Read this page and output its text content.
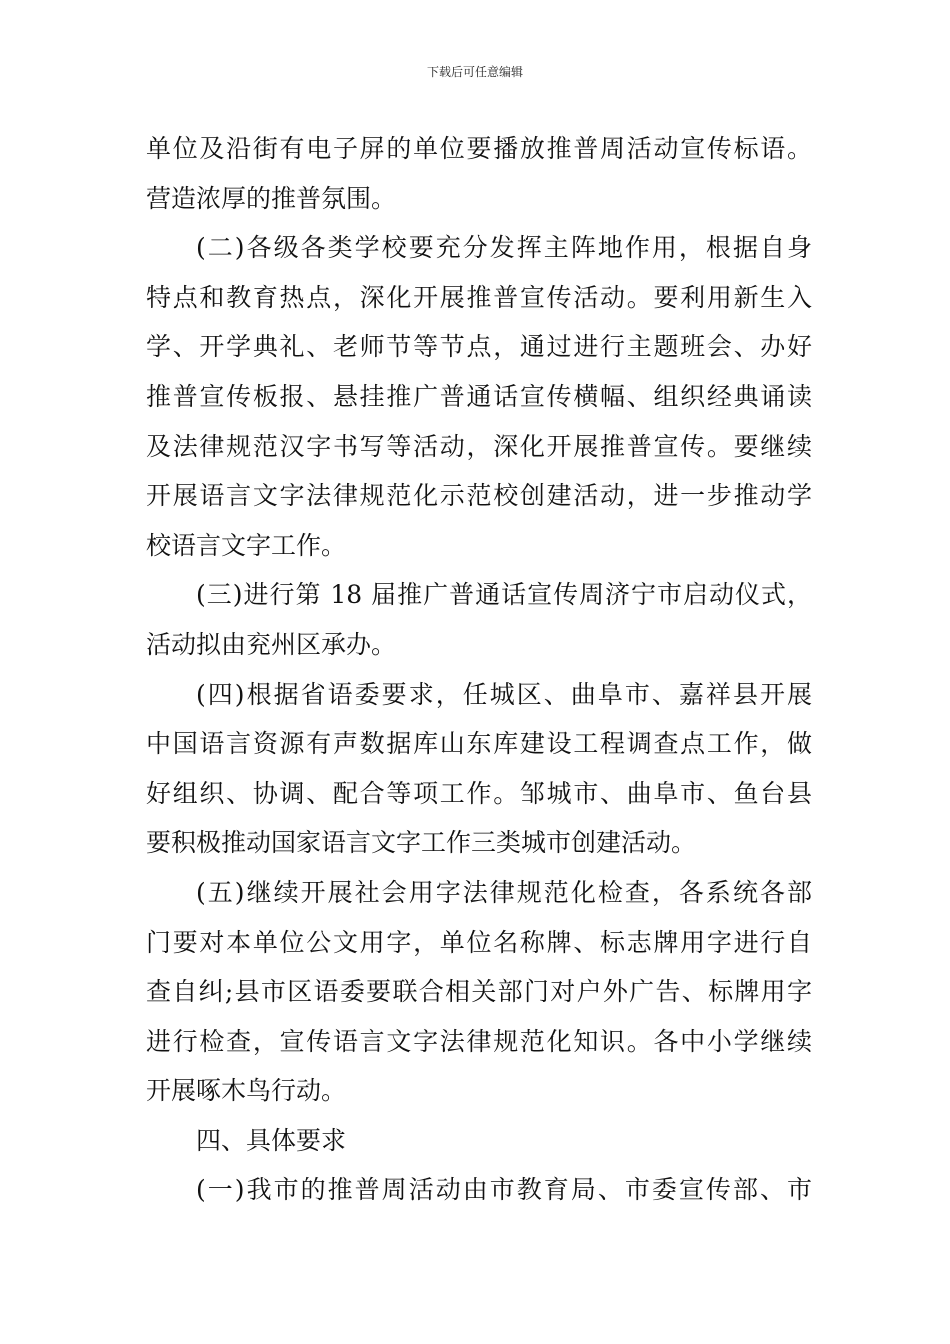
下载后可任意编辑
单位及沿街有电子屏的单位要播放推普周活动宣传标语。
营造浓厚的推普氛围。
(二)各级各类学校要充分发挥主阵地作用，根据自身
特点和教育热点，深化开展推普宣传活动。要利用新生入
学、开学典礼、老师节等节点，通过进行主题班会、办好
推普宣传板报、悬挂推广普通话宣传横幅、组织经典诵读
及法律规范汉字书写等活动，深化开展推普宣传。要继续
开展语言文字法律规范化示范校创建活动，进一步推动学
校语言文字工作。
(三)进行第 18 届推广普通话宣传周济宁市启动仪式，
活动拟由兖州区承办。
(四)根据省语委要求，任城区、曲阜市、嘉祥县开展
中国语言资源有声数据库山东库建设工程调查点工作，做
好组织、协调、配合等项工作。邹城市、曲阜市、鱼台县
要积极推动国家语言文字工作三类城市创建活动。
(五)继续开展社会用字法律规范化检查，各系统各部
门要对本单位公文用字，单位名称牌、标志牌用字进行自
查自纠;县市区语委要联合相关部门对户外广告、标牌用字
进行检查，宣传语言文字法律规范化知识。各中小学继续
开展啄木鸟行动。
四、具体要求
(一)我市的推普周活动由市教育局、市委宣传部、市
